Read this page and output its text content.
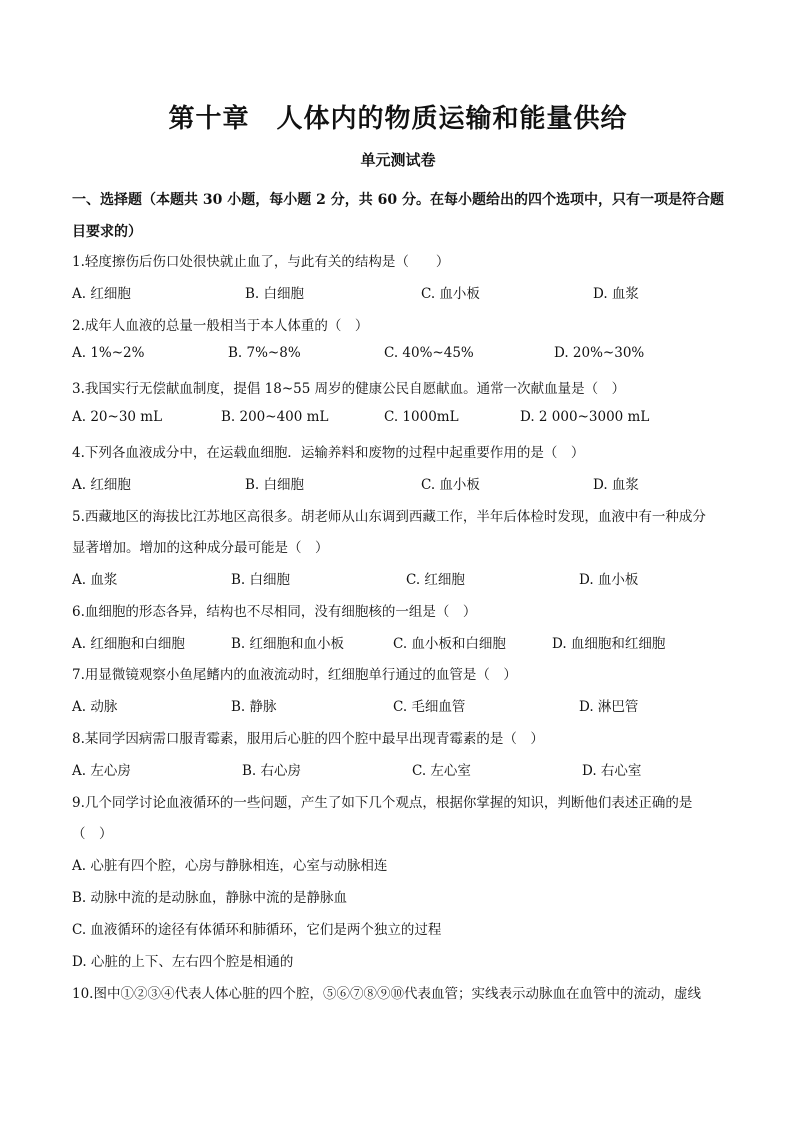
第十章　人体内的物质运输和能量供给
单元测试卷
一、选择题（本题共 30 小题，每小题 2 分，共 60 分。在每小题给出的四个选项中，只有一项是符合题目要求的）
1.轻度擦伤后伤口处很快就止血了，与此有关的结构是（　　）
A. 红细胞	B. 白细胞	C. 血小板	D. 血浆
2.成年人血液的总量一般相当于本人体重的（　）
A. 1%~2%	B. 7%~8%	C. 40%~45%	D. 20%~30%
3.我国实行无偿献血制度，提倡 18~55 周岁的健康公民自愿献血。通常一次献血量是（　）
A. 20~30 mL	B. 200~400 mL	C. 1000mL	D. 2 000~3000 mL
4.下列各血液成分中，在运载血细胞．运输养料和废物的过程中起重要作用的是（　）
A. 红细胞	B. 白细胞	C. 血小板	D. 血浆
5.西藏地区的海拔比江苏地区高很多。胡老师从山东调到西藏工作，半年后体检时发现，血液中有一种成分
显著增加。增加的这种成分最可能是（　）
A. 血浆	B. 白细胞	C. 红细胞	D. 血小板
6.血细胞的形态各异，结构也不尽相同，没有细胞核的一组是（　）
A. 红细胞和白细胞	B. 红细胞和血小板	C. 血小板和白细胞	D. 血细胞和红细胞
7.用显微镜观察小鱼尾鳍内的血液流动时，红细胞单行通过的血管是（　）
A. 动脉	B. 静脉	C. 毛细血管	D. 淋巴管
8.某同学因病需口服青霉素，服用后心脏的四个腔中最早出现青霉素的是（　）
A. 左心房	B. 右心房	C. 左心室	D. 右心室
9.几个同学讨论血液循环的一些问题，产生了如下几个观点，根据你掌握的知识，判断他们表述正确的是
（　）
A. 心脏有四个腔，心房与静脉相连，心室与动脉相连
B. 动脉中流的是动脉血，静脉中流的是静脉血
C. 血液循环的途径有体循环和肺循环，它们是两个独立的过程
D. 心脏的上下、左右四个腔是相通的
10.图中①②③④代表人体心脏的四个腔，⑤⑥⑦⑧⑨⑩代表血管；实线表示动脉血在血管中的流动，虚线
